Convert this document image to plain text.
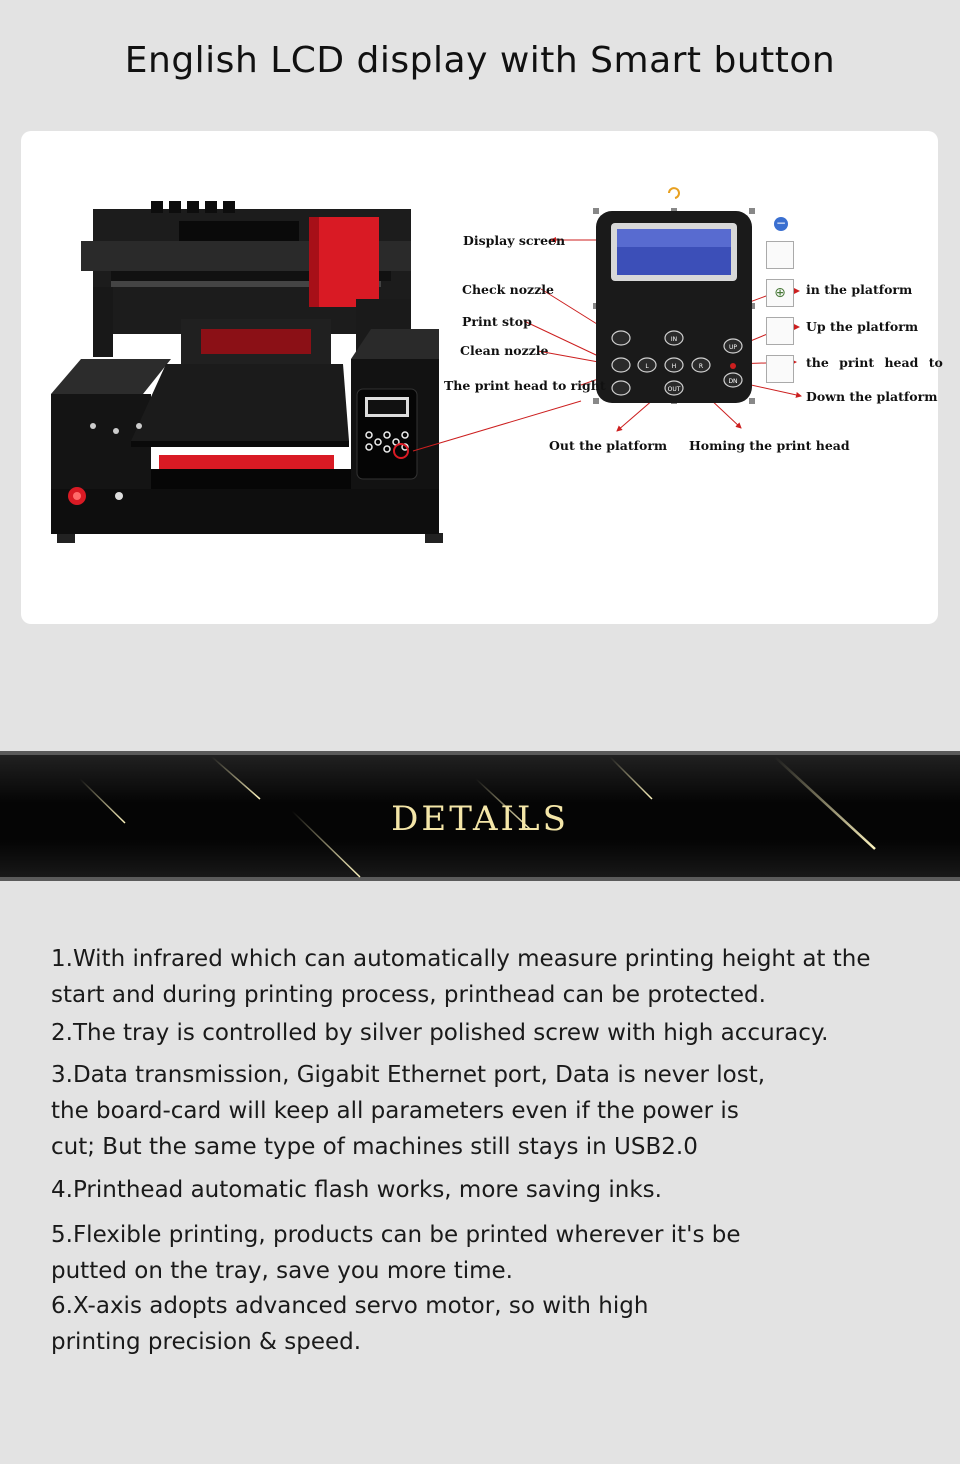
English LCD display with Smart button
IN
OUT
L	R
H
UP
DN
−
⊕
Display screen
Check nozzle
Print stop
Clean nozzle
The print head to right
in the platform
Up the platform
the print head to
Down the platform
Out the platform Homing the print head
DETAILS
1.With infrared which can automatically measure printing height at the
start and during printing process, printhead can be protected.
2.The tray is controlled by silver polished screw with high accuracy.
3.Data transmission, Gigabit Ethernet port, Data is never lost,
the board-card will keep all parameters even if the power is
cut; But the same type of machines still stays in USB2.0
4.Printhead automatic flash works, more saving inks.
5.Flexible printing, products can be printed wherever it's be
putted on the tray, save you more time.
6.X-axis adopts advanced servo motor, so with high
printing precision & speed.
